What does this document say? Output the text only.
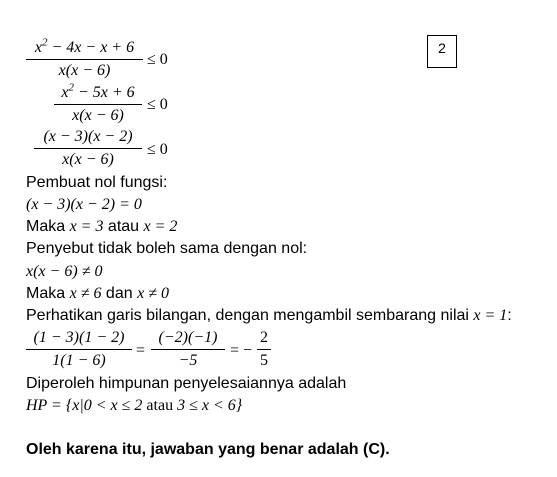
2
$x^2 - 4x - x + 6$
x(x − 6)
≤ 0
$x^2 - 5x + 6$
x(x − 6)
≤ 0
(x − 3)(x − 2)
x(x − 6)
≤ 0
Pembuat nol fungsi:
(x − 3)(x − 2) = 0
Maka x = 3 atau x = 2
Penyebut tidak boleh sama dengan nol:
x(x − 6) ≠ 0
Maka x ≠ 6 dan x ≠ 0
Perhatikan garis bilangan, dengan mengambil sembarang nilai x = 1:
(1 − 3)(1 − 2)
1(1 − 6)
=
(−2)(−1)
−5
= −
2
5
Diperoleh himpunan penyelesaiannya adalah
HP = {x|0 < x ≤ 2 atau 3 ≤ x < 6}
Oleh karena itu, jawaban yang benar adalah (C).
